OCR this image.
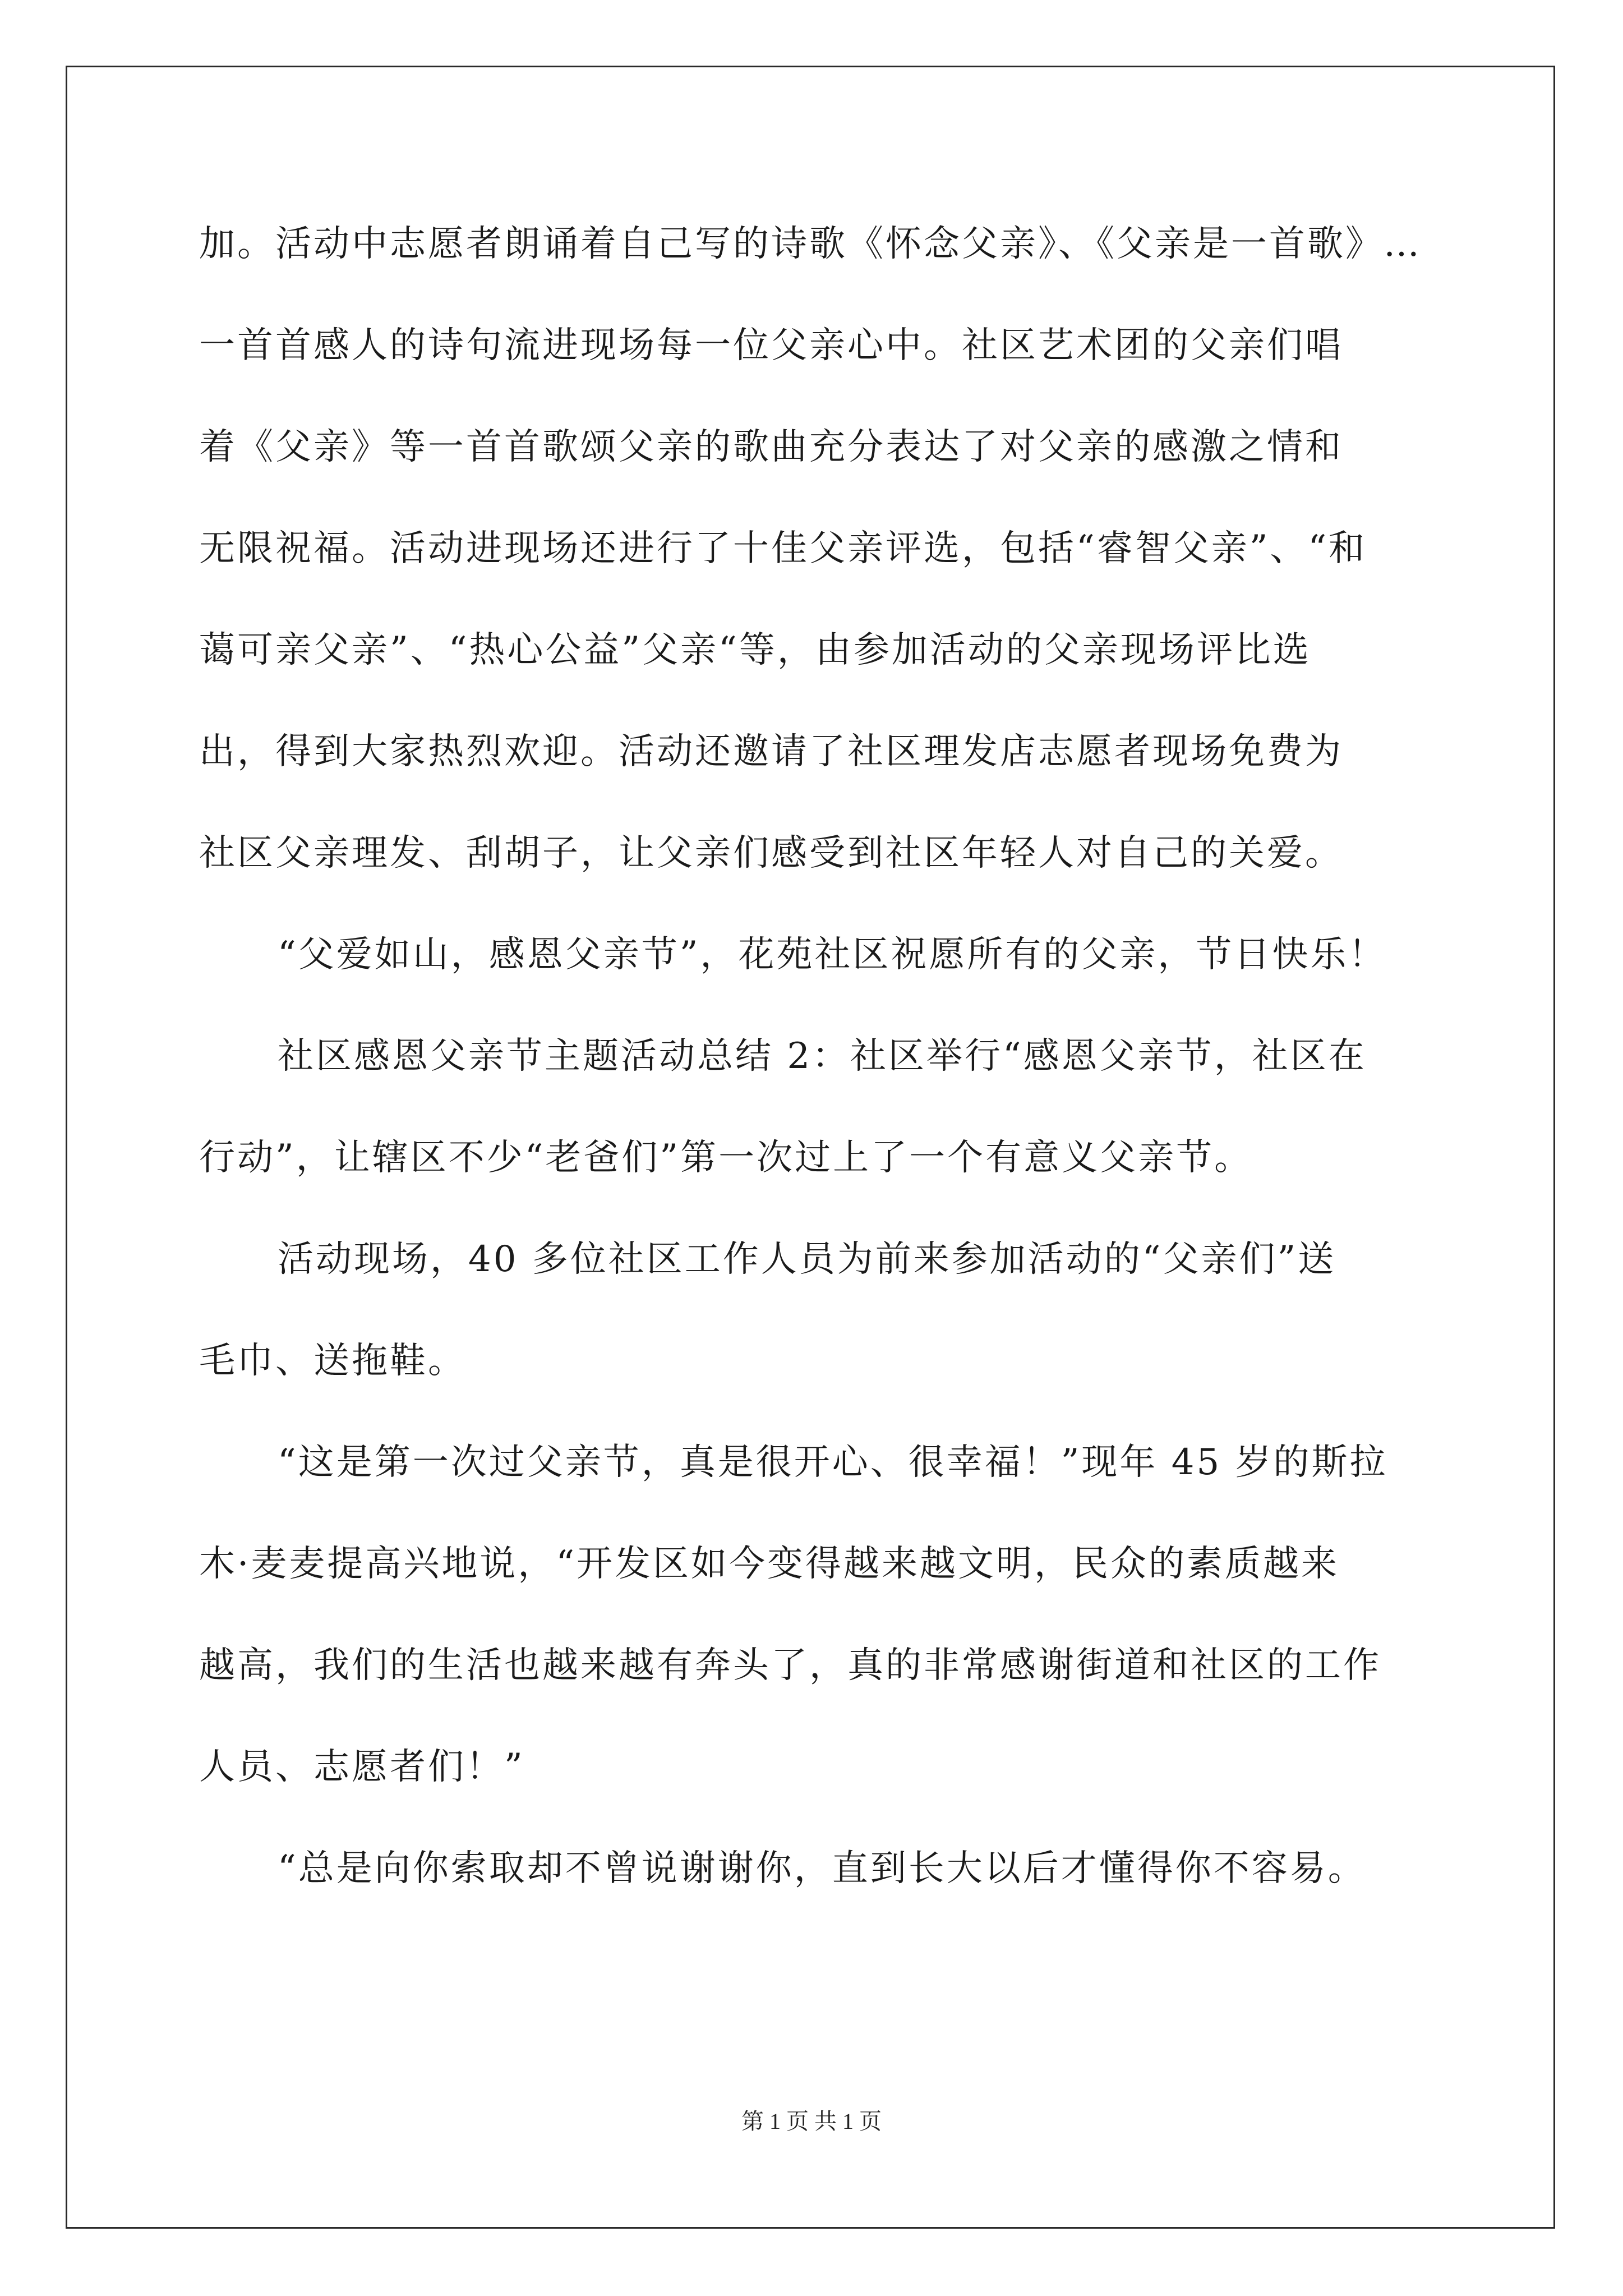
加。活动中志愿者朗诵着自己写的诗歌《怀念父亲》、《父亲是一首歌》…
一首首感人的诗句流进现场每一位父亲心中。社区艺术团的父亲们唱
着《父亲》等一首首歌颂父亲的歌曲充分表达了对父亲的感激之情和
无限祝福。活动进现场还进行了十佳父亲评选，包括“睿智父亲”、“和
蔼可亲父亲”、“热心公益”父亲“等，由参加活动的父亲现场评比选
出，得到大家热烈欢迎。活动还邀请了社区理发店志愿者现场免费为
社区父亲理发、刮胡子，让父亲们感受到社区年轻人对自己的关爱。
“父爱如山，感恩父亲节”，花苑社区祝愿所有的父亲，节日快乐！
社区感恩父亲节主题活动总结 2：社区举行“感恩父亲节，社区在
行动”，让辖区不少“老爸们”第一次过上了一个有意义父亲节。
活动现场，40 多位社区工作人员为前来参加活动的“父亲们”送
毛巾、送拖鞋。
“这是第一次过父亲节，真是很开心、很幸福！”现年 45 岁的斯拉
木·麦麦提高兴地说，“开发区如今变得越来越文明，民众的素质越来
越高，我们的生活也越来越有奔头了，真的非常感谢街道和社区的工作
人员、志愿者们！”
“总是向你索取却不曾说谢谢你，直到长大以后才懂得你不容易。
第 1 页 共 1 页
